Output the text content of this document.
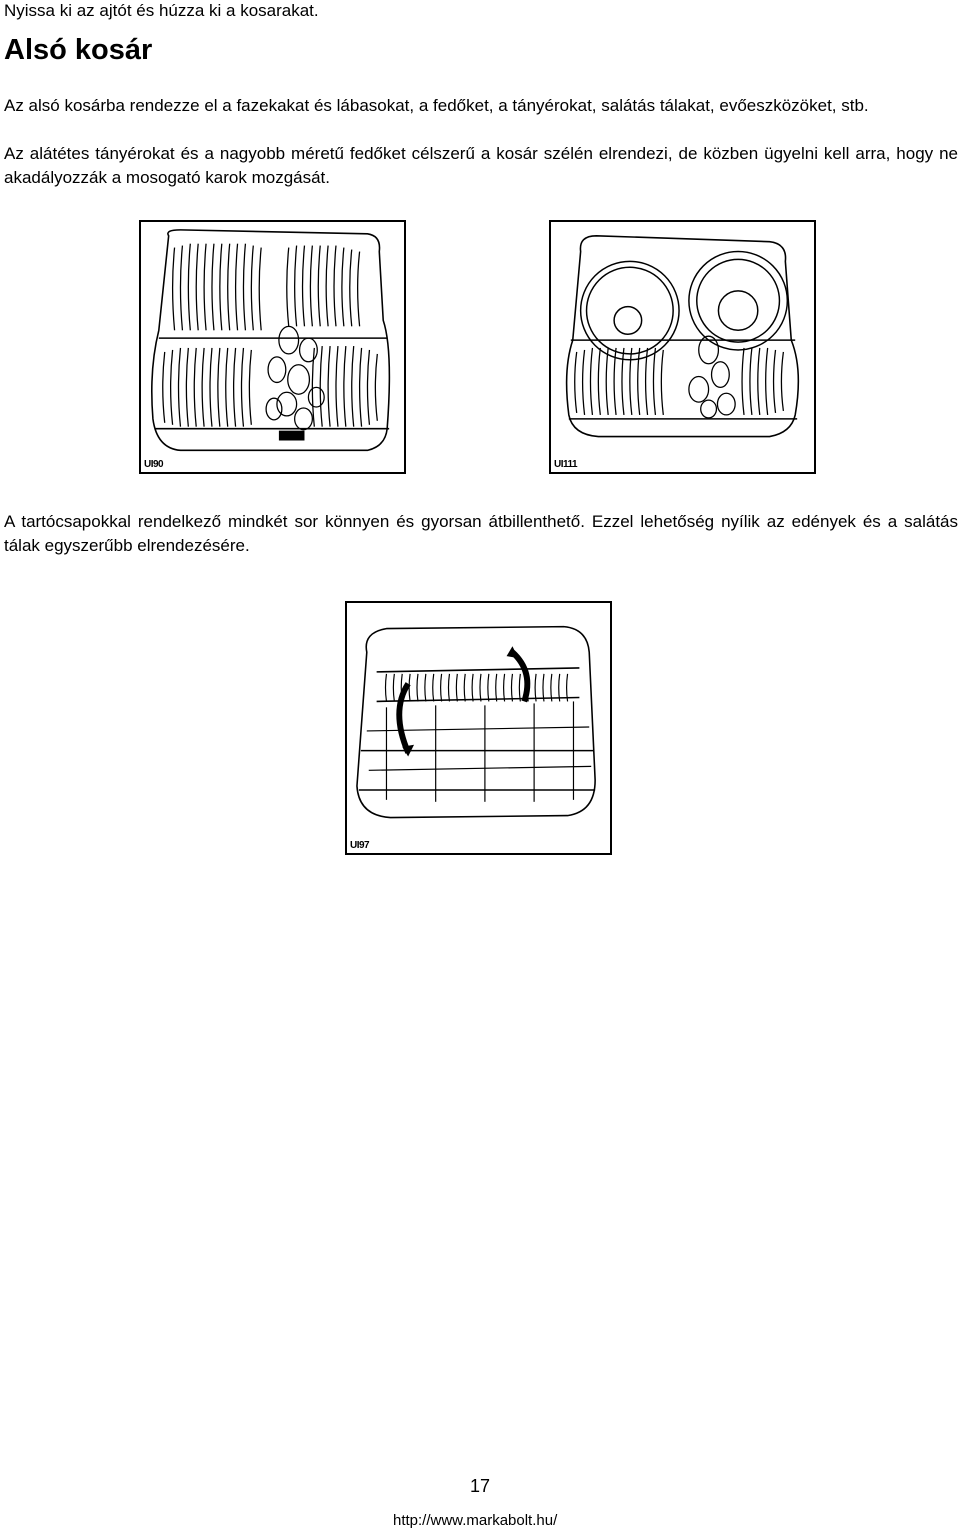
Nyissa ki az ajtót és húzza ki a kosarakat.
Alsó kosár

Az alsó kosárba rendezze el a fazekakat és lábasokat, a fedőket, a tányérokat, salátás tálakat, evőeszközöket, stb.

Az alátétes tányérokat és a nagyobb méretű fedőket célszerű a kosár szélén elrendezi, de közben ügyelni kell arra, hogy ne akadályozzák a mosogató karok mozgását.

UI90	UI111

A tartócsapokkal rendelkező mindkét sor könnyen és gyorsan átbillenthető. Ezzel lehetőség nyílik az edények és a salátás tálak egyszerűbb elrendezésére.

UI97
17
http://www.markabolt.hu/
